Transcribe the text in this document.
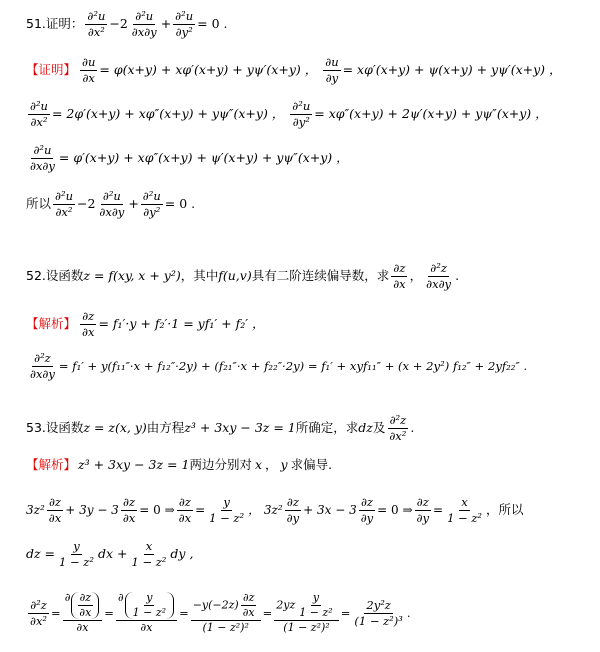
51.证明： $\frac{\text{∂²u}}{\text{∂x²}} -2 \frac{\text{∂²u}}{\partial x\partial y} + \frac{\text{∂²u}}{\text{∂y²}} = 0$ .
【证明】 $\frac{\partial u}{\partial x} = \varphi(x+y) + x\varphi'(x+y) + y\psi'(x+y)$ ， $\frac{\partial u}{\partial y} = x\varphi'(x+y) + \psi(x+y) + y\psi'(x+y)$ ，
$\frac{\text{∂²u}}{\text{∂x²}} = 2\varphi'(x+y) + x\varphi''(x+y) + y\psi''(x+y)$ ， $\frac{\text{∂²u}}{\text{∂y²}} = x\varphi''(x+y) + 2\psi'(x+y) + y\psi''(x+y)$ ，
$\frac{\text{∂²u}}{\partial x\partial y} = \varphi'(x+y) + x\varphi''(x+y) + \psi'(x+y) + y\psi''(x+y)$ ，
所以 $\frac{\text{∂²u}}{\text{∂x²}} -2 \frac{\text{∂²u}}{\partial x\partial y} + \frac{\text{∂²u}}{\text{∂y²}} = 0$ .
52.设函数 z = f(xy, x + y²) ，其中 f(u,v) 具有二阶连续偏导数，求 $\frac{\partial z}{\partial x}$ ， $\frac{\text{∂²z}}{\partial x\partial y}$ .
【解析】 $\frac{\partial z}{\partial x} = f_1'\cdot y + f_2'\cdot 1 = yf_1' + f_2'$ ，
$\frac{\text{∂²z}}{\partial x\partial y} = f_1' + y(f_{11}''\cdot x + f_{12}''\cdot 2y) + (f_{21}''\cdot x + f_{22}''\cdot 2y) = f_1' + xyf_{11}'' + (x + 2y^2) f_{12}'' + 2yf_{22}''$ .
53.设函数 z = z(x, y) 由方程 z³ + 3xy − 3z = 1 所确定，求 dz 及 $\frac{\text{∂²z}}{\text{∂x²}}$ .
【解析】 z³ + 3xy − 3z = 1 两边分别对 x ， y 求偏导.
$3z^2 \frac{\partial z}{\partial x} + 3y - 3 \frac{\partial z}{\partial x} = 0$ ⇒ $\frac{\partial z}{\partial x} = \frac{y}{\text{1 − z²}}$ ， $3z^2 \frac{\partial z}{\partial y} + 3x - 3 \frac{\partial z}{\partial y} = 0$ ⇒ $\frac{\partial z}{\partial y} = \frac{x}{\text{1 − z²}}$ ，所以
dz = $\frac{y}{\text{1 − z²}}$ dx + $\frac{x}{\text{1 − z²}}$ dy ,
$\frac{\text{∂²z}}{\text{∂x²}} = \frac{\partial \frac{\partial z}{\partial x}}{\partial x} = \frac{\partial \frac{y}{\text{1 − z²}}}{\partial x} = \frac{-y(-2z) \frac{\partial z}{\partial x}}{\text{(1 − z²)²}} = \frac{2yz \frac{y}{\text{1 − z²}}}{\text{(1 − z²)²}} = \frac{\text{2y²z}}{\text{(1 − z²)³}}$ .
